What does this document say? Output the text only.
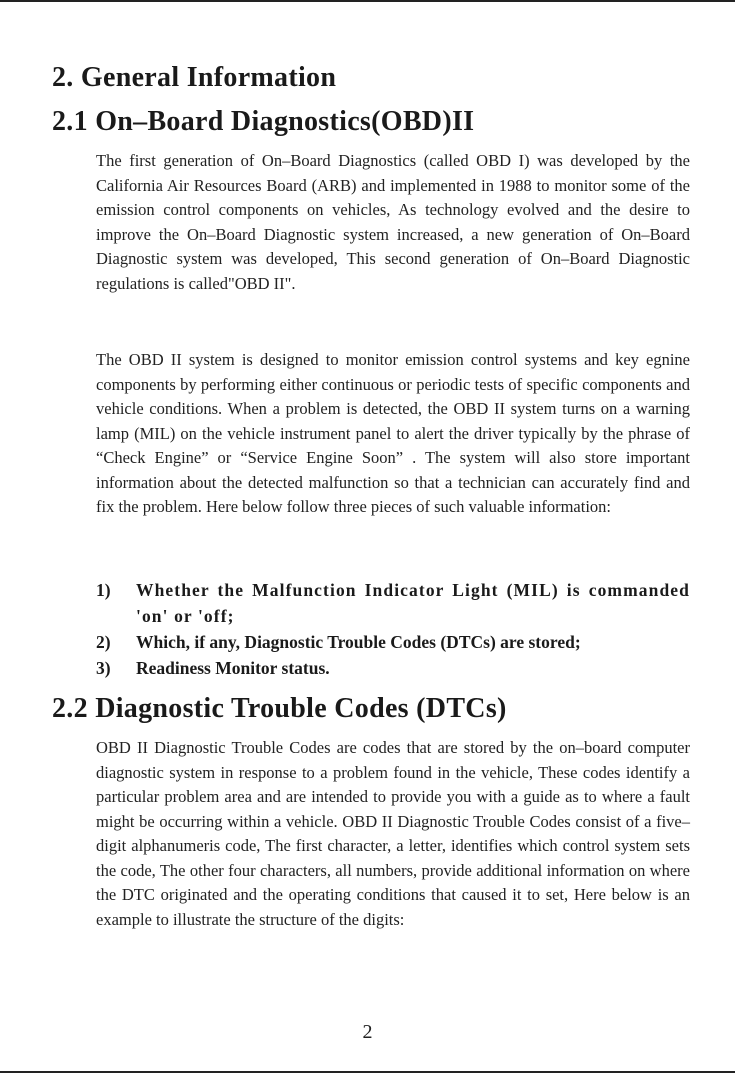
2. General Information
2.1 On–Board Diagnostics(OBD)II

The first generation of On–Board Diagnostics (called OBD I) was developed by the California Air Resources Board (ARB) and implemented in 1988 to monitor some of the emission control components on vehicles, As technology evolved and the desire to improve the On–Board Diagnostic system increased, a new generation of On–Board Diagnostic system was developed, This second generation of On–Board Diagnostic regulations is called"OBD II".

The OBD II system is designed to monitor emission control systems and key egnine components by performing either continuous or periodic tests of specific components and vehicle conditions. When a problem is detected, the OBD II system turns on a warning lamp (MIL) on the vehicle instrument panel to alert the driver typically by the phrase of “Check Engine” or “Service Engine Soon” . The system will also store important information about the detected malfunction so that a technician can accurately find and fix the problem. Here below follow three pieces of such valuable information:

1)	Whether the Malfunction Indicator Light (MIL) is commanded 'on' or 'off;
2)	Which, if any, Diagnostic Trouble Codes (DTCs) are stored;
3)	Readiness Monitor status.
2.2 Diagnostic Trouble Codes (DTCs)

OBD II Diagnostic Trouble Codes are codes that are stored by the on–board computer diagnostic system in response to a problem found in the vehicle, These codes identify a particular problem area and are intended to provide you with a guide as to where a fault might be occurring within a vehicle. OBD II Diagnostic Trouble Codes consist of a five–digit alphanumeris code, The first character, a letter, identifies which control system sets the code, The other four characters, all numbers, provide additional information on where the DTC originated and the operating conditions that caused it to set, Here below is an example to illustrate the structure of the digits:

2
